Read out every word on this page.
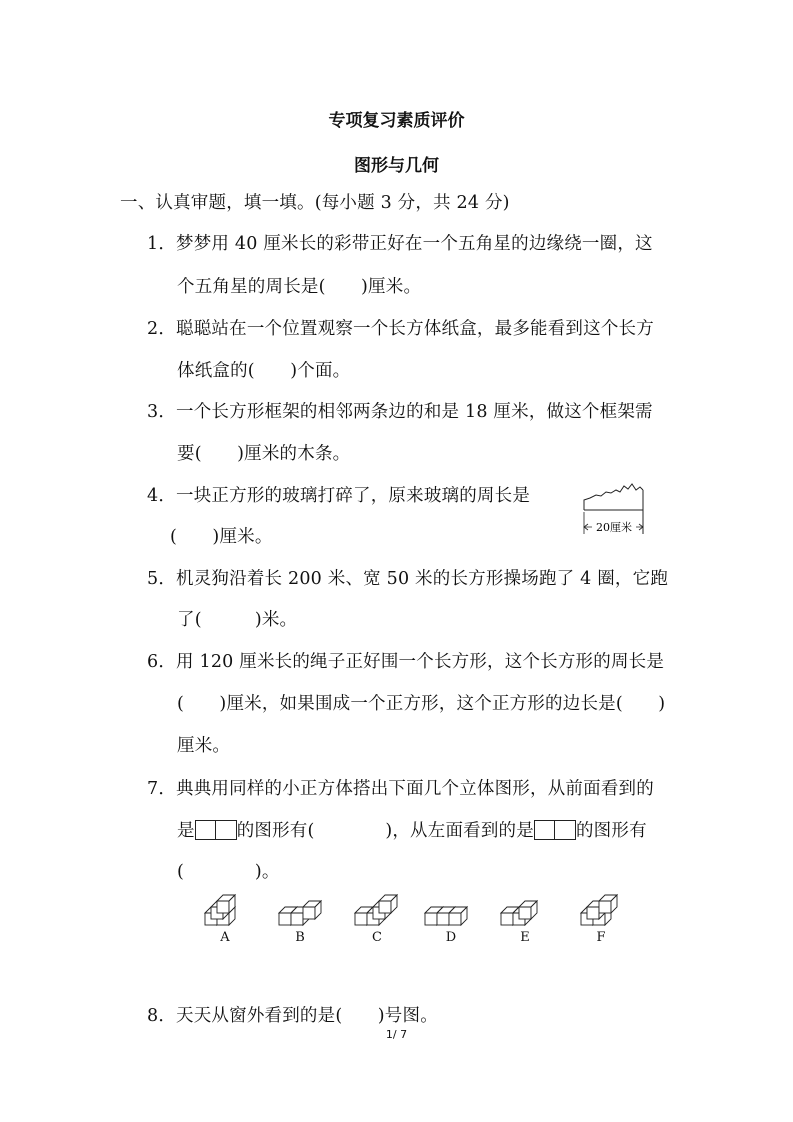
专项复习素质评价
图形与几何
一、认真审题，填一填。(每小题 3 分，共 24 分)
1．梦梦用 40 厘米长的彩带正好在一个五角星的边缘绕一圈，这
个五角星的周长是(　　)厘米。
2．聪聪站在一个位置观察一个长方体纸盒，最多能看到这个长方
体纸盒的(　　)个面。
3．一个长方形框架的相邻两条边的和是 18 厘米，做这个框架需
要(　　)厘米的木条。
4．一块正方形的玻璃打碎了，原来玻璃的周长是
(　　)厘米。	20厘米
5．机灵狗沿着长 200 米、宽 50 米的长方形操场跑了 4 圈，它跑
了(　　　)米。
6．用 120 厘米长的绳子正好围一个长方形，这个长方形的周长是
(　　)厘米，如果围成一个正方形，这个正方形的边长是(　　)
厘米。
7．典典用同样的小正方体搭出下面几个立体图形，从前面看到的
是 的图形有(　　　　)，从左面看到的是 的图形有
(　　　　)。
A	B	C	D	E	F
8．天天从窗外看到的是(　　)号图。
1/ 7
